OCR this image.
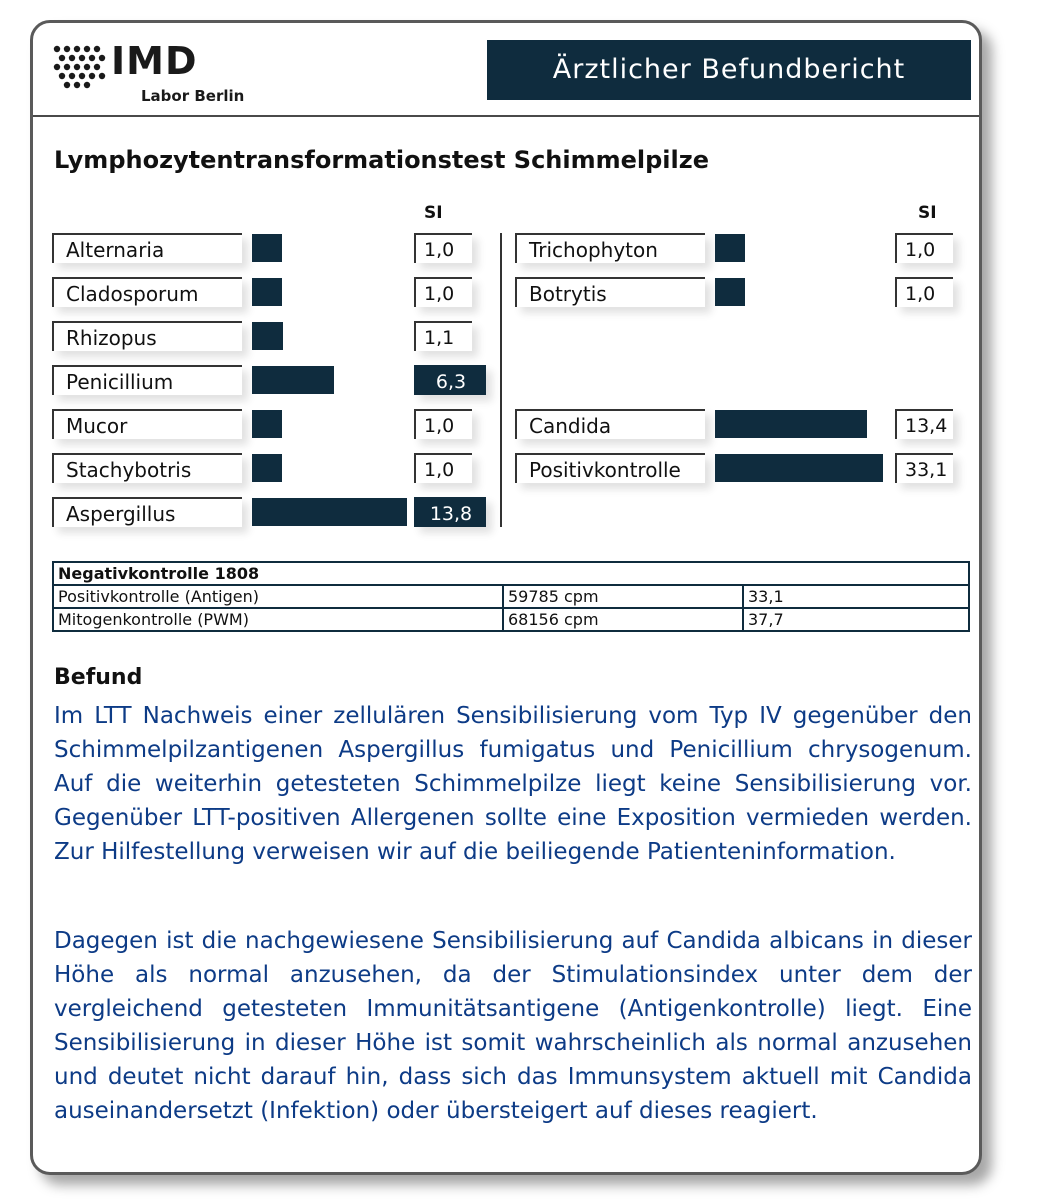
IMD
Labor Berlin
Ärztlicher Befundbericht
Lymphozytentransformationstest Schimmelpilze
SI	SI
Alternaria	1,0
Cladosporum	1,0
Rhizopus	1,1
Penicillium	6,3
Mucor	1,0
Stachybotris	1,0
Aspergillus	13,8
Trichophyton	1,0
Botrytis	1,0
Candida	13,4
Positivkontrolle	33,1
Negativkontrolle 1808		
Positivkontrolle (Antigen)	59785 cpm	33,1
Mitogenkontrolle (PWM)	68156 cpm	37,7
Befund
Im LTT Nachweis einer zellulären Sensibilisierung vom Typ IV gegenüber den Schimmelpilzantigenen Aspergillus fumigatus und Penicillium chrysogenum. Auf die weiterhin getesteten Schimmelpilze liegt keine Sensibilisierung vor. Gegenüber LTT-positiven Allergenen sollte eine Exposition vermieden werden. Zur Hilfestellung verweisen wir auf die beiliegende Patienteninformation.
Dagegen ist die nachgewiesene Sensibilisierung auf Candida albicans in dieser Höhe als normal anzusehen, da der Stimulationsindex unter dem der vergleichend getesteten Immunitätsantigene (Antigenkontrolle) liegt. Eine Sensibilisierung in dieser Höhe ist somit wahrscheinlich als normal anzusehen und deutet nicht darauf hin, dass sich das Immunsystem aktuell mit Candida auseinandersetzt (Infektion) oder übersteigert auf dieses reagiert.
